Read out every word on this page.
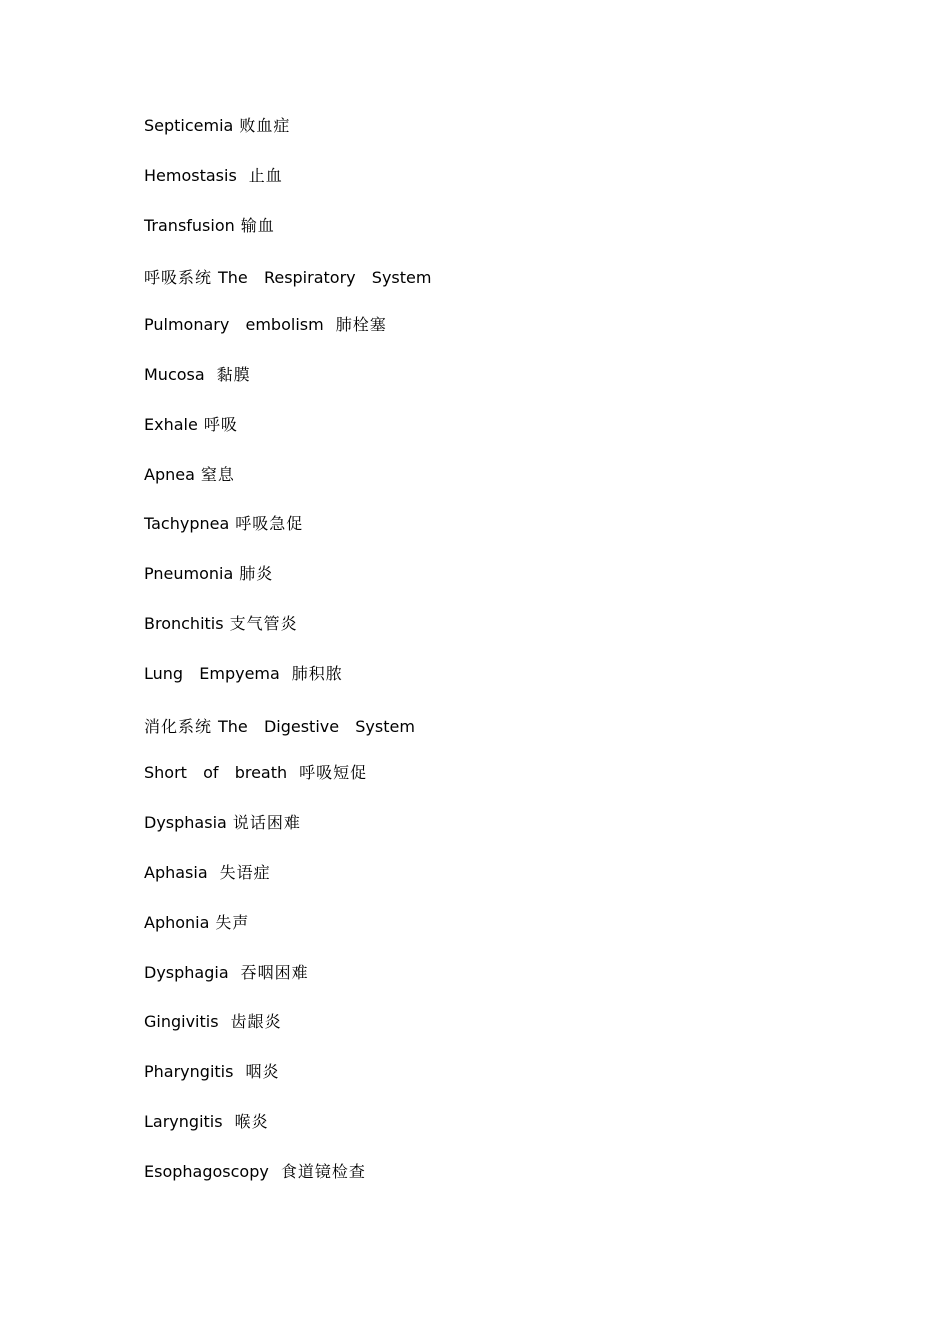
Septicemia 败血症
Hemostasis 止血
Transfusion 输血
呼吸系统 The  Respiratory  System
Pulmonary  embolism 肺栓塞
Mucosa 黏膜
Exhale 呼吸
Apnea 窒息
Tachypnea 呼吸急促
Pneumonia 肺炎
Bronchitis 支气管炎
Lung  Empyema 肺积脓
消化系统 The  Digestive  System
Short  of  breath 呼吸短促
Dysphasia 说话困难
Aphasia 失语症
Aphonia 失声
Dysphagia 吞咽困难
Gingivitis 齿龈炎
Pharyngitis 咽炎
Laryngitis 喉炎
Esophagoscopy 食道镜检查
